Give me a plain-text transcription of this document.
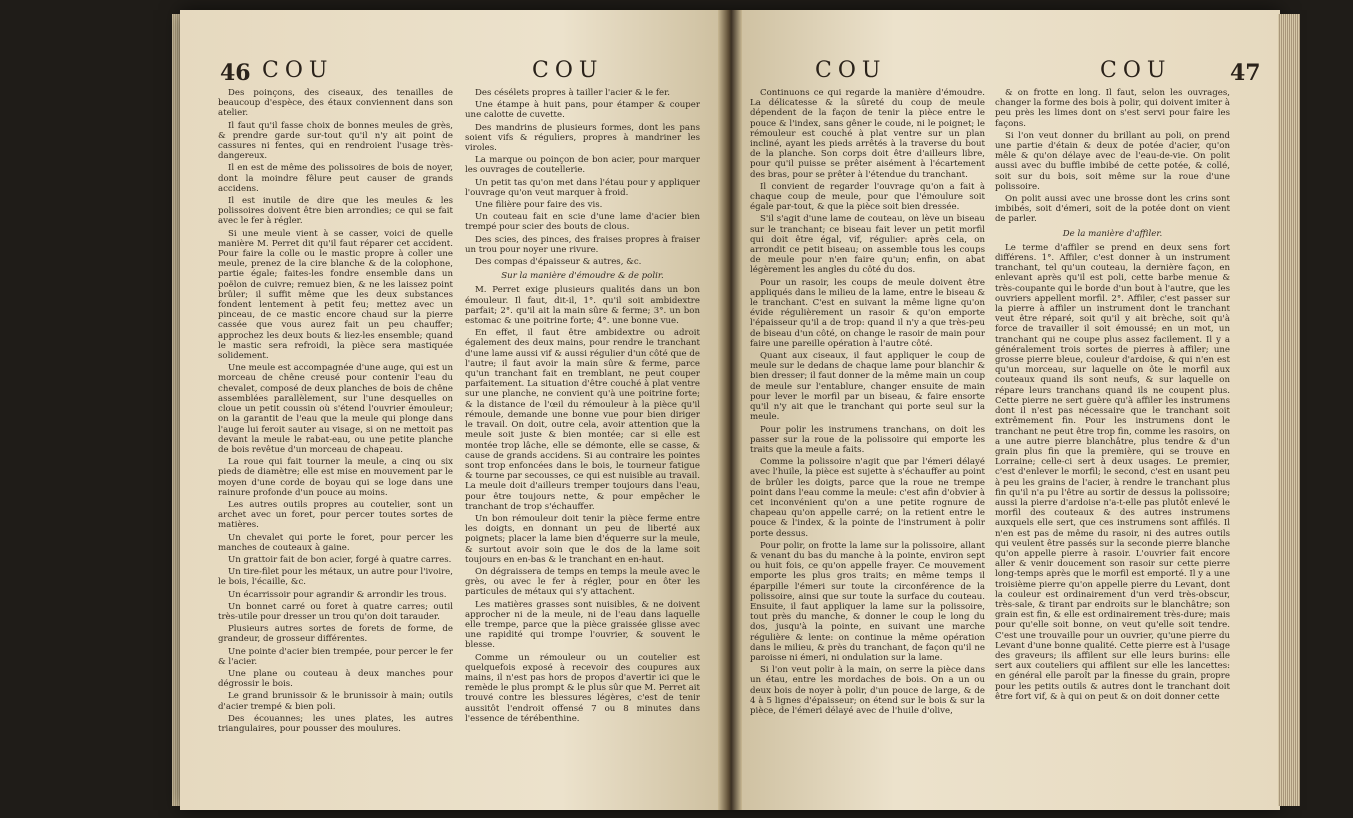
46 COU	COU

Des poinçons, des ciseaux, des tenailles de beaucoup d'espèce, des étaux conviennent dans son atelier.

Il faut qu'il fasse choix de bonnes meules de grès, & prendre garde sur-tout qu'il n'y ait point de cassures ni fentes, qui en rendroient l'usage très-dangereux.

Il en est de même des polissoires de bois de noyer, dont la moindre fêlure peut causer de grands accidens.

Il est inutile de dire que les meules & les polissoires doivent être bien arrondies; ce qui se fait avec le fer à régler.

Si une meule vient à se casser, voici de quelle manière M. Perret dit qu'il faut réparer cet accident. Pour faire la colle ou le mastic propre à coller une meule, prenez de la cire blanche & de la colophone, partie égale; faites-les fondre ensemble dans un poëlon de cuivre; remuez bien, & ne les laissez point brûler; il suffit même que les deux substances fondent lentement à petit feu; mettez avec un pinceau, de ce mastic encore chaud sur la pierre cassée que vous aurez fait un peu chauffer; approchez les deux bouts & liez-les ensemble; quand le mastic sera refroidi, la pièce sera mastiquée solidement.

Une meule est accompagnée d'une auge, qui est un morceau de chêne creusé pour contenir l'eau du chevalet, composé de deux planches de bois de chêne assemblées parallèlement, sur l'une desquelles on cloue un petit coussin où s'étend l'ouvrier émouleur; on la garantit de l'eau que la meule qui plonge dans l'auge lui feroit sauter au visage, si on ne mettoit pas devant la meule le rabat-eau, ou une petite planche de bois revêtue d'un morceau de chapeau.

La roue qui fait tourner la meule, a cinq ou six pieds de diamètre; elle est mise en mouvement par le moyen d'une corde de boyau qui se loge dans une rainure profonde d'un pouce au moins.

Les autres outils propres au coutelier, sont un archet avec un foret, pour percer toutes sortes de matières.

Un chevalet qui porte le foret, pour percer les manches de couteaux à gaine.

Un grattoir fait de bon acier, forgé à quatre carres.

Un tire-filet pour les métaux, un autre pour l'ivoire, le bois, l'écaille, &c.

Un écarrissoir pour agrandir & arrondir les trous.

Un bonnet carré ou foret à quatre carres; outil très-utile pour dresser un trou qu'on doit tarauder.

Plusieurs autres sortes de forets de forme, de grandeur, de grosseur différentes.

Une pointe d'acier bien trempée, pour percer le fer & l'acier.

Une plane ou couteau à deux manches pour dégrossir le bois.

Le grand brunissoir & le brunissoir à main; outils d'acier trempé & bien poli.

Des écouannes; les unes plates, les autres triangulaires, pour pousser des moulures.

Des césélets propres à tailler l'acier & le fer.

Une étampe à huit pans, pour étamper & couper une calotte de cuvette.

Des mandrins de plusieurs formes, dont les pans soient vifs & réguliers, propres à mandriner les viroles.

La marque ou poinçon de bon acier, pour marquer les ouvrages de coutellerie.

Un petit tas qu'on met dans l'étau pour y appliquer l'ouvrage qu'on veut marquer à froid.

Une filière pour faire des vis.

Un couteau fait en scie d'une lame d'acier bien trempé pour scier des bouts de clous.

Des scies, des pinces, des fraises propres à fraiser un trou pour noyer une rivure.

Des compas d'épaisseur & autres, &c.

Sur la manière d'émoudre & de polir.

M. Perret exige plusieurs qualités dans un bon émouleur. Il faut, dit-il, 1°. qu'il soit ambidextre parfait; 2°. qu'il ait la main sûre & ferme; 3°. un bon estomac & une poitrine forte; 4°. une bonne vue.

En effet, il faut être ambidextre ou adroit également des deux mains, pour rendre le tranchant d'une lame aussi vif & aussi régulier d'un côté que de l'autre; il faut avoir la main sûre & ferme, parce qu'un tranchant fait en tremblant, ne peut couper parfaitement. La situation d'être couché à plat ventre sur une planche, ne convient qu'à une poitrine forte; & la distance de l'œil du rémouleur à la pièce qu'il rémoule, demande une bonne vue pour bien diriger le travail. On doit, outre cela, avoir attention que la meule soit juste & bien montée; car si elle est montée trop lâche, elle se démonte, elle se casse, & cause de grands accidens. Si au contraire les pointes sont trop enfoncées dans le bois, le tourneur fatigue & tourne par secousses, ce qui est nuisible au travail. La meule doit d'ailleurs tremper toujours dans l'eau, pour être toujours nette, & pour empêcher le tranchant de trop s'échauffer.

Un bon rémouleur doit tenir la pièce ferme entre les doigts, en donnant un peu de liberté aux poignets; placer la lame bien d'équerre sur la meule, & surtout avoir soin que le dos de la lame soit toujours en en-bas & le tranchant en en-haut.

On dégraissera de temps en temps la meule avec le grès, ou avec le fer à régler, pour en ôter les particules de métaux qui s'y attachent.

Les matières grasses sont nuisibles, & ne doivent approcher ni de la meule, ni de l'eau dans laquelle elle trempe, parce que la pièce graissée glisse avec une rapidité qui trompe l'ouvrier, & souvent le blesse.

Comme un rémouleur ou un coutelier est quelquefois exposé à recevoir des coupures aux mains, il n'est pas hors de propos d'avertir ici que le remède le plus prompt & le plus sûr que M. Perret ait trouvé contre les blessures légères, c'est de tenir aussitôt l'endroit offensé 7 ou 8 minutes dans l'essence de térébenthine.

COU	COU	47

Continuons ce qui regarde la manière d'émoudre. La délicatesse & la sûreté du coup de meule dépendent de la façon de tenir la pièce entre le pouce & l'index, sans gêner le coude, ni le poignet; le rémouleur est couché à plat ventre sur un plan incliné, ayant les pieds arrêtés à la traverse du bout de la planche. Son corps doit être d'ailleurs libre, pour qu'il puisse se prêter aisément à l'écartement des bras, pour se prêter à l'étendue du tranchant.

Il convient de regarder l'ouvrage qu'on a fait à chaque coup de meule, pour que l'émoulure soit égale par-tout, & que la pièce soit bien dressée.

S'il s'agit d'une lame de couteau, on lève un biseau sur le tranchant; ce biseau fait lever un petit morfil qui doit être égal, vif, régulier: après cela, on arrondit ce petit biseau; on assemble tous les coups de meule pour n'en faire qu'un; enfin, on abat légèrement les angles du côté du dos.

Pour un rasoir, les coups de meule doivent être appliqués dans le milieu de la lame, entre le biseau & le tranchant. C'est en suivant la même ligne qu'on évide régulièrement un rasoir & qu'on emporte l'épaisseur qu'il a de trop: quand il n'y a que très-peu de biseau d'un côté, on change le rasoir de main pour faire une pareille opération à l'autre côté.

Quant aux ciseaux, il faut appliquer le coup de meule sur le dedans de chaque lame pour blanchir & bien dresser; il faut donner de la même main un coup de meule sur l'entablure, changer ensuite de main pour lever le morfil par un biseau, & faire ensorte qu'il n'y ait que le tranchant qui porte seul sur la meule.

Pour polir les instrumens tranchans, on doit les passer sur la roue de la polissoire qui emporte les traits que la meule a faits.

Comme la polissoire n'agit que par l'émeri délayé avec l'huile, la pièce est sujette à s'échauffer au point de brûler les doigts, parce que la roue ne trempe point dans l'eau comme la meule: c'est afin d'obvier à cet inconvénient qu'on a une petite rognure de chapeau qu'on appelle carré; on la retient entre le pouce & l'index, & la pointe de l'instrument à polir porte dessus.

Pour polir, on frotte la lame sur la polissoire, allant & venant du bas du manche à la pointe, environ sept ou huit fois, ce qu'on appelle frayer. Ce mouvement emporte les plus gros traits; en même temps il éparpille l'émeri sur toute la circonférence de la polissoire, ainsi que sur toute la surface du couteau. Ensuite, il faut appliquer la lame sur la polissoire, tout près du manche, & donner le coup le long du dos, jusqu'à la pointe, en suivant une marche régulière & lente: on continue la même opération dans le milieu, & près du tranchant, de façon qu'il ne paroisse ni émeri, ni ondulation sur la lame.

Si l'on veut polir à la main, on serre la pièce dans un étau, entre les mordaches de bois. On a un ou deux bois de noyer à polir, d'un pouce de large, & de 4 à 5 lignes d'épaisseur; on étend sur le bois & sur la pièce, de l'émeri délayé avec de l'huile d'olive,

& on frotte en long. Il faut, selon les ouvrages, changer la forme des bois à polir, qui doivent imiter à peu près les limes dont on s'est servi pour faire les façons.

Si l'on veut donner du brillant au poli, on prend une partie d'étain & deux de potée d'acier, qu'on mêle & qu'on délaye avec de l'eau-de-vie. On polit aussi avec du buffle imbibé de cette potée, & collé, soit sur du bois, soit même sur la roue d'une polissoire.

On polit aussi avec une brosse dont les crins sont imbibés, soit d'émeri, soit de la potée dont on vient de parler.

De la manière d'affiler.

Le terme d'affiler se prend en deux sens fort différens. 1°. Affiler, c'est donner à un instrument tranchant, tel qu'un couteau, la dernière façon, en enlevant après qu'il est poli, cette barbe menue & très-coupante qui le borde d'un bout à l'autre, que les ouvriers appellent morfil. 2°. Affiler, c'est passer sur la pierre à affiler un instrument dont le tranchant veut être réparé, soit qu'il y ait brèche, soit qu'à force de travailler il soit émoussé; en un mot, un tranchant qui ne coupe plus assez facilement. Il y a généralement trois sortes de pierres à affiler; une grosse pierre bleue, couleur d'ardoise, & qui n'en est qu'un morceau, sur laquelle on ôte le morfil aux couteaux quand ils sont neufs, & sur laquelle on répare leurs tranchans quand ils ne coupent plus. Cette pierre ne sert guère qu'à affiler les instrumens dont il n'est pas nécessaire que le tranchant soit extrêmement fin. Pour les instrumens dont le tranchant ne peut être trop fin, comme les rasoirs, on a une autre pierre blanchâtre, plus tendre & d'un grain plus fin que la première, qui se trouve en Lorraine; celle-ci sert à deux usages. Le premier, c'est d'enlever le morfil; le second, c'est en usant peu à peu les grains de l'acier, à rendre le tranchant plus fin qu'il n'a pu l'être au sortir de dessus la polissoire; aussi la pierre d'ardoise n'a-t-elle pas plutôt enlevé le morfil des couteaux & des autres instrumens auxquels elle sert, que ces instrumens sont affilés. Il n'en est pas de même du rasoir, ni des autres outils qui veulent être passés sur la seconde pierre blanche qu'on appelle pierre à rasoir. L'ouvrier fait encore aller & venir doucement son rasoir sur cette pierre long-temps après que le morfil est emporté. Il y a une troisième pierre qu'on appelle pierre du Levant, dont la couleur est ordinairement d'un verd très-obscur, très-sale, & tirant par endroits sur le blanchâtre; son grain est fin, & elle est ordinairement très-dure; mais pour qu'elle soit bonne, on veut qu'elle soit tendre. C'est une trouvaille pour un ouvrier, qu'une pierre du Levant d'une bonne qualité. Cette pierre est à l'usage des graveurs; ils affilent sur elle leurs burins: elle sert aux couteliers qui affilent sur elle les lancettes: en général elle paroît par la finesse du grain, propre pour les petits outils & autres dont le tranchant doit être fort vif, & à qui on peut & on doit donner cette
